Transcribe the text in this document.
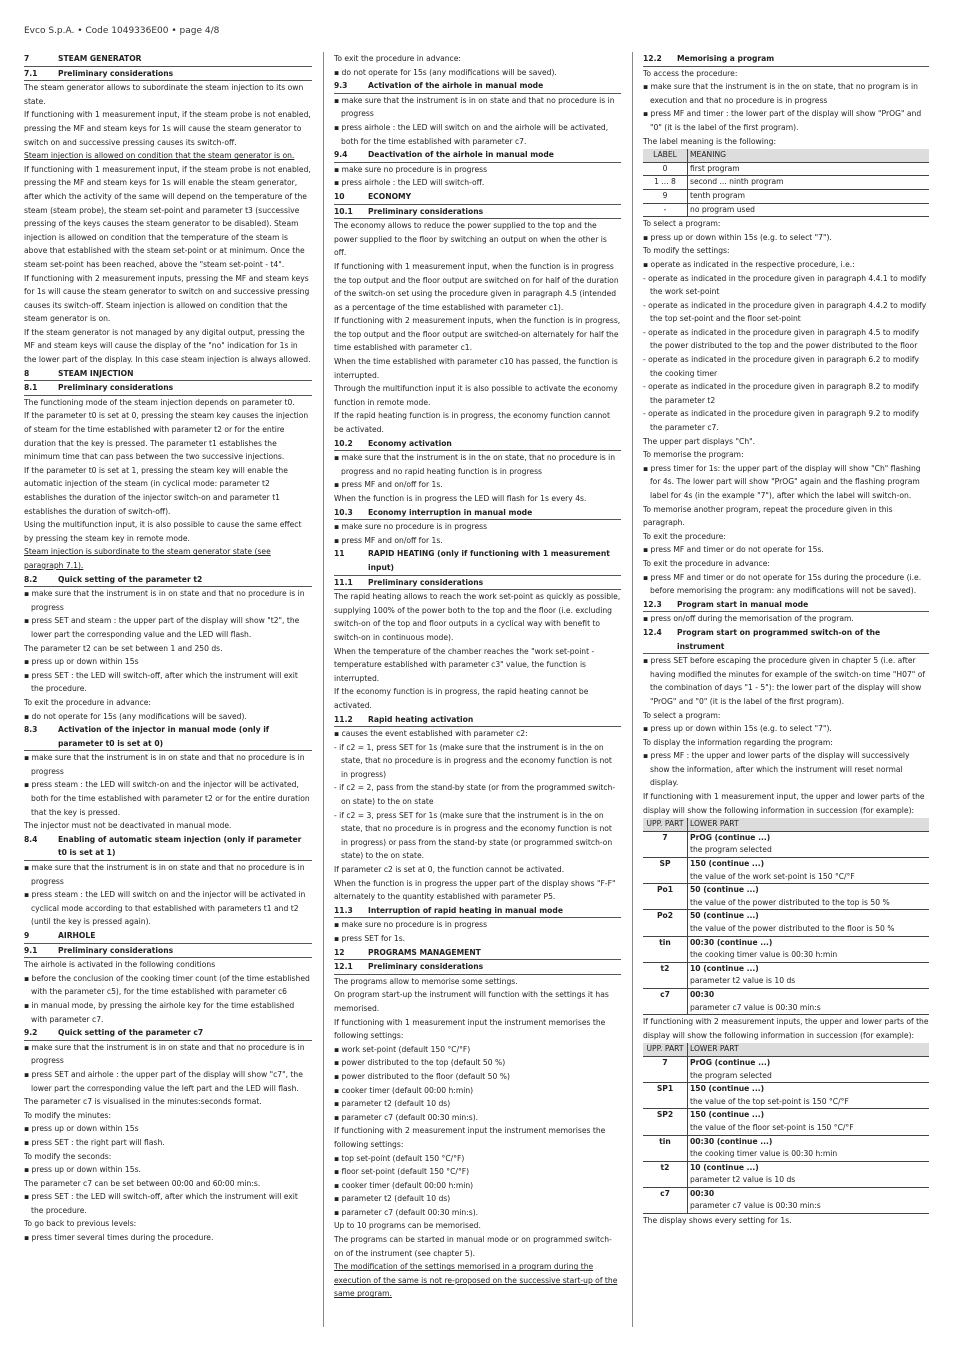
Evco S.p.A. • Code 1049336E00 • page 4/8
7	STEAM GENERATOR
7.1	Preliminary considerations

The steam generator allows to subordinate the steam injection to its own state.

If functioning with 1 measurement input, if the steam probe is not enabled, pressing the MF and steam keys for 1s will cause the steam generator to switch on and successive pressing causes its switch-off.

Steam injection is allowed on condition that the steam generator is on.

If functioning with 1 measurement input, if the steam probe is not enabled, pressing the MF and steam keys for 1s will enable the steam generator, after which the activity of the same will depend on the temperature of the steam (steam probe), the steam set-point and parameter t3 (successive pressing of the keys causes the steam generator to be disabled). Steam injection is allowed on condition that the temperature of the steam is above that established with the steam set-point or at minimum. Once the steam set-point has been reached, above the "steam set-point - t4".

If functioning with 2 measurement inputs, pressing the MF and steam keys for 1s will cause the steam generator to switch on and successive pressing causes its switch-off. Steam injection is allowed on condition that the steam generator is on.

If the steam generator is not managed by any digital output, pressing the MF and steam keys will cause the display of the "no" indication for 1s in the lower part of the display. In this case steam injection is always allowed.

8	STEAM INJECTION
8.1	Preliminary considerations

The functioning mode of the steam injection depends on parameter t0.

If the parameter t0 is set at 0, pressing the steam key causes the injection of steam for the time established with parameter t2 or for the entire duration that the key is pressed. The parameter t1 establishes the minimum time that can pass between the two successive injections.

If the parameter t0 is set at 1, pressing the steam key will enable the automatic injection of the steam (in cyclical mode: parameter t2 establishes the duration of the injector switch-on and parameter t1 establishes the duration of switch-off).

Using the multifunction input, it is also possible to cause the same effect by pressing the steam key in remote mode.

Steam injection is subordinate to the steam generator state (see paragraph 7.1).

8.2	Quick setting of the parameter t2

▪ make sure that the instrument is in on state and that no procedure is in progress

▪ press SET and steam : the upper part of the display will show "t2", the lower part the corresponding value and the LED will flash.

The parameter t2 can be set between 1 and 250 ds.

▪ press up or down within 15s

▪ press SET : the LED will switch-off, after which the instrument will exit the procedure.

To exit the procedure in advance:

▪ do not operate for 15s (any modifications will be saved).

8.3	Activation of the injector in manual mode (only if parameter t0 is set at 0)

▪ make sure that the instrument is in on state and that no procedure is in progress

▪ press steam : the LED will switch-on and the injector will be activated, both for the time established with parameter t2 or for the entire duration that the key is pressed.

The injector must not be deactivated in manual mode.

8.4	Enabling of automatic steam injection (only if parameter t0 is set at 1)

▪ make sure that the instrument is in on state and that no procedure is in progress

▪ press steam : the LED will switch on and the injector will be activated in cyclical mode according to that established with parameters t1 and t2 (until the key is pressed again).

9	AIRHOLE
9.1	Preliminary considerations

The airhole is activated in the following conditions

▪ before the conclusion of the cooking timer count (of the time established with the parameter c5), for the time established with parameter c6

▪ in manual mode, by pressing the airhole key for the time established with parameter c7.

9.2	Quick setting of the parameter c7

▪ make sure that the instrument is in on state and that no procedure is in progress

▪ press SET and airhole : the upper part of the display will show "c7", the lower part the corresponding value the left part and the LED will flash.

The parameter c7 is visualised in the minutes:seconds format.

To modify the minutes:

▪ press up or down within 15s

▪ press SET : the right part will flash.

To modify the seconds:

▪ press up or down within 15s.

The parameter c7 can be set between 00:00 and 60:00 min:s.

▪ press SET : the LED will switch-off, after which the instrument will exit the procedure.

To go back to previous levels:

▪ press timer several times during the procedure.

To exit the procedure in advance:

▪ do not operate for 15s (any modifications will be saved).

9.3	Activation of the airhole in manual mode

▪ make sure that the instrument is in on state and that no procedure is in progress

▪ press airhole : the LED will switch on and the airhole will be activated, both for the time established with parameter c7.

9.4	Deactivation of the airhole in manual mode

▪ make sure no procedure is in progress

▪ press airhole : the LED will switch-off.

10	ECONOMY
10.1	Preliminary considerations

The economy allows to reduce the power supplied to the top and the power supplied to the floor by switching an output on when the other is off.

If functioning with 1 measurement input, when the function is in progress the top output and the floor output are switched on for half of the duration of the switch-on set using the procedure given in paragraph 4.5 (intended as a percentage of the time established with parameter c1).

If functioning with 2 measurement inputs, when the function is in progress, the top output and the floor output are switched-on alternately for half the time established with parameter c1.

When the time established with parameter c10 has passed, the function is interrupted.

Through the multifunction input it is also possible to activate the economy function in remote mode.

If the rapid heating function is in progress, the economy function cannot be activated.

10.2	Economy activation

▪ make sure that the instrument is in the on state, that no procedure is in progress and no rapid heating function is in progress

▪ press MF and on/off for 1s.

When the function is in progress the LED will flash for 1s every 4s.

10.3	Economy interruption in manual mode

▪ make sure no procedure is in progress

▪ press MF and on/off for 1s.

11	RAPID HEATING (only if functioning with 1 measurement input)
11.1	Preliminary considerations

The rapid heating allows to reach the work set-point as quickly as possible, supplying 100% of the power both to the top and the floor (i.e. excluding switch-on of the top and floor outputs in a cyclical way with benefit to switch-on in continuous mode).

When the temperature of the chamber reaches the "work set-point - temperature established with parameter c3" value, the function is interrupted.

If the economy function is in progress, the rapid heating cannot be activated.

11.2	Rapid heating activation

▪ causes the event established with parameter c2:

- if c2 = 1, press SET for 1s (make sure that the instrument is in the on state, that no procedure is in progress and the economy function is not in progress)

- if c2 = 2, pass from the stand-by state (or from the programmed switch-on state) to the on state

- if c2 = 3, press SET for 1s (make sure that the instrument is in the on state, that no procedure is in progress and the economy function is not in progress) or pass from the stand-by state (or programmed switch-on state) to the on state.

If parameter c2 is set at 0, the function cannot be activated.

When the function is in progress the upper part of the display shows "F-F" alternately to the quantity established with parameter P5.

11.3	Interruption of rapid heating in manual mode

▪ make sure no procedure is in progress

▪ press SET for 1s.

12	PROGRAMS MANAGEMENT
12.1	Preliminary considerations

The programs allow to memorise some settings.

On program start-up the instrument will function with the settings it has memorised.

If functioning with 1 measurement input the instrument memorises the following settings:

▪ work set-point (default 150 °C/°F)

▪ power distributed to the top (default 50 %)

▪ power distributed to the floor (default 50 %)

▪ cooker timer (default 00:00 h:min)

▪ parameter t2 (default 10 ds)

▪ parameter c7 (default 00:30 min:s).

If functioning with 2 measurement input the instrument memorises the following settings:

▪ top set-point (default 150 °C/°F)

▪ floor set-point (default 150 °C/°F)

▪ cooker timer (default 00:00 h:min)

▪ parameter t2 (default 10 ds)

▪ parameter c7 (default 00:30 min:s).

Up to 10 programs can be memorised.

The programs can be started in manual mode or on programmed switch-on of the instrument (see chapter 5).

The modification of the settings memorised in a program during the execution of the same is not re-proposed on the successive start-up of the same program.

12.2	Memorising a program

To access the procedure:

▪ make sure that the instrument is in the on state, that no program is in execution and that no procedure is in progress

▪ press MF and timer : the lower part of the display will show "PrOG" and "0" (it is the label of the first program).

The label meaning is the following:

LABEL	MEANING
0	first program
1 ... 8	second ... ninth program
9	tenth program
-	no program used

To select a program:

▪ press up or down within 15s (e.g. to select "7").

To modify the settings:

▪ operate as indicated in the respective procedure, i.e.:

- operate as indicated in the procedure given in paragraph 4.4.1 to modify the work set-point

- operate as indicated in the procedure given in paragraph 4.4.2 to modify the top set-point and the floor set-point

- operate as indicated in the procedure given in paragraph 4.5 to modify the power distributed to the top and the power distributed to the floor

- operate as indicated in the procedure given in paragraph 6.2 to modify the cooking timer

- operate as indicated in the procedure given in paragraph 8.2 to modify the parameter t2

- operate as indicated in the procedure given in paragraph 9.2 to modify the parameter c7.

The upper part displays "Ch".

To memorise the program:

▪ press timer for 1s: the upper part of the display will show "Ch" flashing for 4s. The lower part will show "PrOG" again and the flashing program label for 4s (in the example "7"), after which the label will switch-on.

To memorise another program, repeat the procedure given in this paragraph.

To exit the procedure:

▪ press MF and timer or do not operate for 15s.

To exit the procedure in advance:

▪ press MF and timer or do not operate for 15s during the procedure (i.e. before memorising the program: any modifications will not be saved).

12.3	Program start in manual mode

▪ press on/off during the memorisation of the program.

12.4	Program start on programmed switch-on of the instrument

▪ press SET before escaping the procedure given in chapter 5 (i.e. after having modified the minutes for example of the switch-on time "H07" of the combination of days "1 - 5"): the lower part of the display will show "PrOG" and "0" (it is the label of the first program).

To select a program:

▪ press up or down within 15s (e.g. to select "7").

To display the information regarding the program:

▪ press MF : the upper and lower parts of the display will successively show the information, after which the instrument will reset normal display.

If functioning with 1 measurement input, the upper and lower parts of the display will show the following information in succession (for example):

UPP. PART	LOWER PART
7	PrOG (continue ...)
the program selected

SP	150 (continue ...)
the value of the work set-point is 150 °C/°F

Po1	50 (continue ...)
the value of the power distributed to the top is 50 %

Po2	50 (continue ...)
the value of the power distributed to the floor is 50 %

tin	00:30 (continue ...)
the cooking timer value is 00:30 h:min

t2	10 (continue ...)
parameter t2 value is 10 ds

c7	00:30
parameter c7 value is 00:30 min:s

If functioning with 2 measurement inputs, the upper and lower parts of the display will show the following information in succession (for example):

UPP. PART	LOWER PART
7	PrOG (continue ...)
the program selected

SP1	150 (continue ...)
the value of the top set-point is 150 °C/°F

SP2	150 (continue ...)
the value of the floor set-point is 150 °C/°F

tin	00:30 (continue ...)
the cooking timer value is 00:30 h:min

t2	10 (continue ...)
parameter t2 value is 10 ds

c7	00:30
parameter c7 value is 00:30 min:s

The display shows every setting for 1s.
